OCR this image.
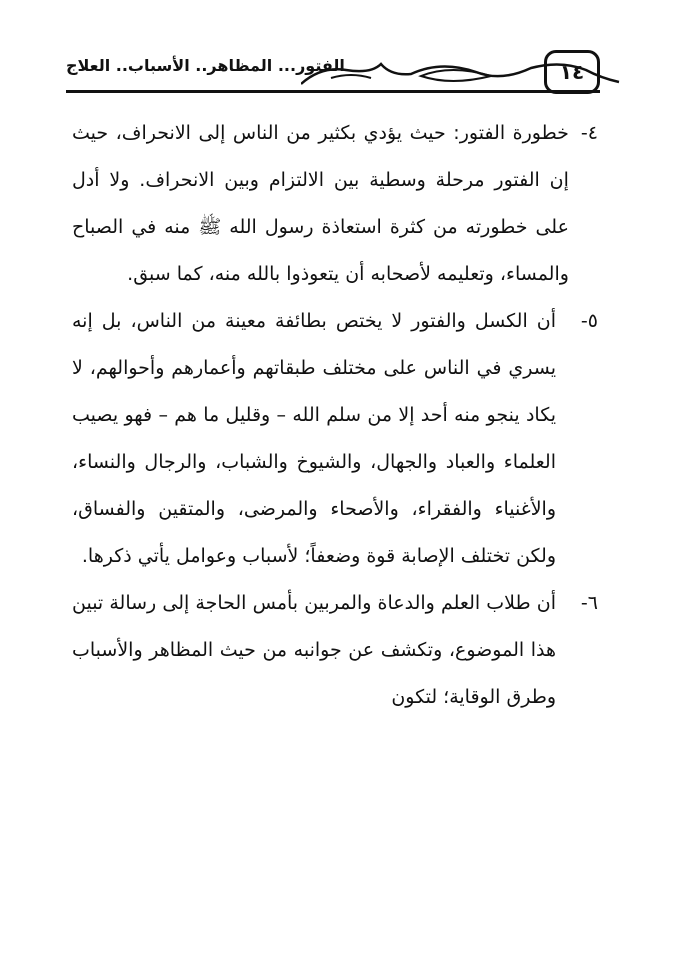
١٤
الفتور... المظاهر.. الأسباب.. العلاج
٤-
خطورة الفتور: حيث يؤدي بكثير من الناس إلى الانحراف، حيث إن الفتور مرحلة وسطية بين الالتزام وبين الانحراف. ولا أدل على خطورته من كثرة استعاذة رسول الله ﷺ منه في الصباح والمساء، وتعليمه لأصحابه أن يتعوذوا بالله منه، كما سبق.
٥-
أن الكسل والفتور لا يختص بطائفة معينة من الناس، بل إنه يسري في الناس على مختلف طبقاتهم وأعمارهم وأحوالهم، لا يكاد ينجو منه أحد إلا من سلم الله – وقليل ما هم – فهو يصيب العلماء والعباد والجهال، والشيوخ والشباب، والرجال والنساء، والأغنياء والفقراء، والأصحاء والمرضى، والمتقين والفساق، ولكن تختلف الإصابة قوة وضعفاً؛ لأسباب وعوامل يأتي ذكرها.
٦-
أن طلاب العلم والدعاة والمربين بأمس الحاجة إلى رسالة تبين هذا الموضوع، وتكشف عن جوانبه من حيث المظاهر والأسباب وطرق الوقاية؛ لتكون
